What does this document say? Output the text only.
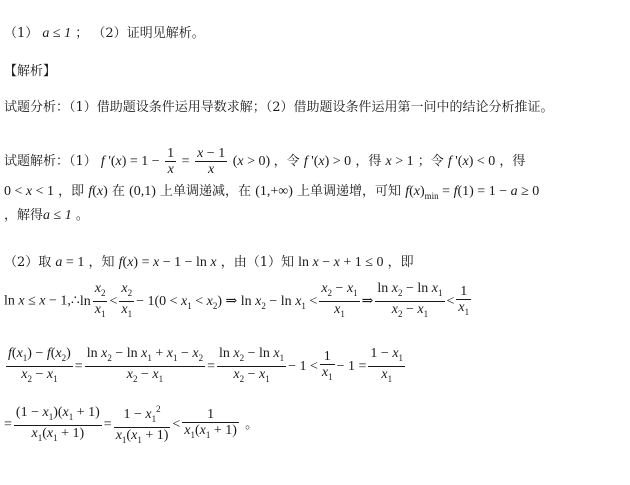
（1） a ≤ 1 ； （2）证明见解析。
【解析】
试题分析：（1）借助题设条件运用导数求解；（2）借助题设条件运用第一问中的结论分析推证。
试题解析：（1） f '$(x) = 1 - \frac{1}{x} = \frac{x - 1}{x} (x > 0)$ ，令 f '(x) > 0 ，得 x > 1 ；令 f '(x) < 0 ，得
0 < x < 1 ，即 f(x) 在 (0,1) 上单调递减，在 (1,+∞) 上单调递增，可知 $f(x)_{min} = f(1) = 1 - a \ge 0$
，解得a ≤ 1 。
（2）取 a = 1 ，知 f(x) = x − 1 − ln x ，由（1）知 ln x − x + 1 ≤ 0 ，即
ln x ≤ x − 1,∴ln $\frac{x_2}{x_1} < \frac{x_2}{x_1} - 1(0 < x_1 < x_2)$ ⇒ $\ln x_2 - \ln x_1 < \frac{x_2 - x_1}{x_1}$ ⇒ $\frac{\ln x_2 - \ln x_1}{x_2 - x_1} < \frac{1}{x_1}$
$\frac{f(x_1) - f(x_2)}{x_2 - x_1} = \frac{\ln x_2 - \ln x_1 + x_1 - x_2}{x_2 - x_1} = \frac{\ln x_2 - \ln x_1}{x_2 - x_1} - 1 < \frac{1}{x_1} - 1 = \frac{1 - x_1}{x_1}$
= $\frac{(1 - x_1)(x_1 + 1)}{x_1(x_1 + 1)} = \frac{1 - x_1^2}{x_1(x_1 + 1)} < \frac{1}{x_1(x_1 + 1)}$ 。
